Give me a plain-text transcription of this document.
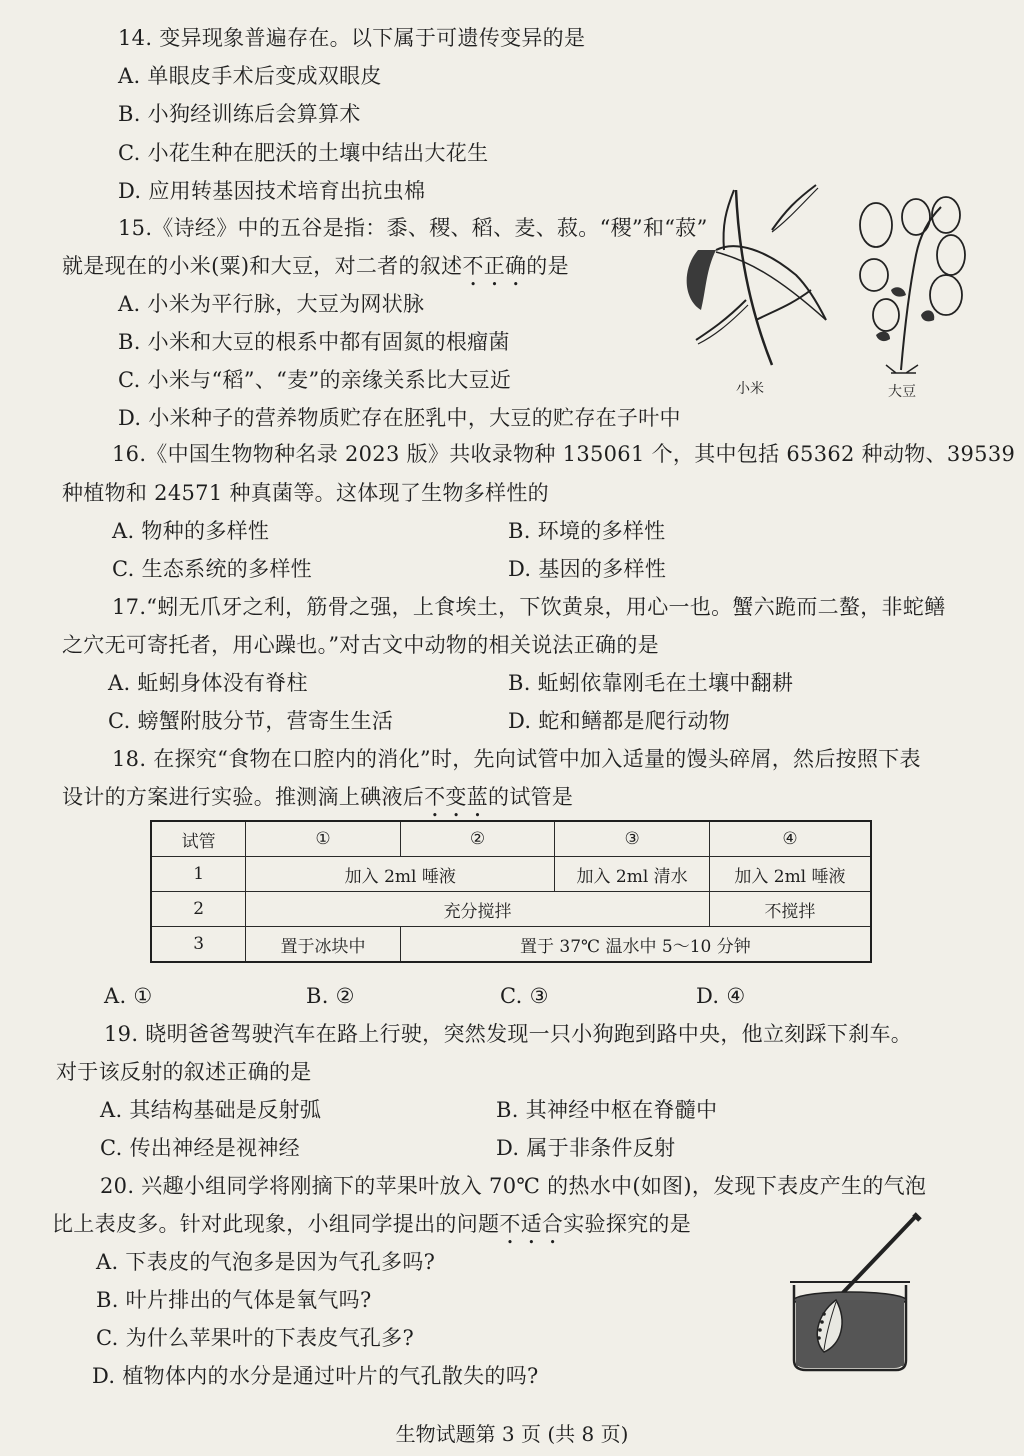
14. 变异现象普遍存在。以下属于可遗传变异的是
A. 单眼皮手术后变成双眼皮
B. 小狗经训练后会算算术
C. 小花生种在肥沃的土壤中结出大花生
D. 应用转基因技术培育出抗虫棉
15.《诗经》中的五谷是指：黍、稷、稻、麦、菽。“稷”和“菽”
就是现在的小米(粟)和大豆，对二者的叙述不正确的是
A. 小米为平行脉，大豆为网状脉
B. 小米和大豆的根系中都有固氮的根瘤菌
C. 小米与“稻”、“麦”的亲缘关系比大豆近
D. 小米种子的营养物质贮存在胚乳中，大豆的贮存在子叶中
小米	大豆
16.《中国生物物种名录 2023 版》共收录物种 135061 个，其中包括 65362 种动物、39539
种植物和 24571 种真菌等。这体现了生物多样性的
A. 物种的多样性	B. 环境的多样性
C. 生态系统的多样性	D. 基因的多样性
17.“蚓无爪牙之利，筋骨之强，上食埃土，下饮黄泉，用心一也。蟹六跪而二螯，非蛇鳝
之穴无可寄托者，用心躁也。”对古文中动物的相关说法正确的是
A. 蚯蚓身体没有脊柱	B. 蚯蚓依靠刚毛在土壤中翻耕
C. 螃蟹附肢分节，营寄生生活	D. 蛇和鳝都是爬行动物
18. 在探究“食物在口腔内的消化”时，先向试管中加入适量的馒头碎屑，然后按照下表
设计的方案进行实验。推测滴上碘液后不变蓝的试管是
试管	①	②	③	④
1	加入 2ml 唾液		加入 2ml 清水	加入 2ml 唾液
2	充分搅拌			不搅拌
3	置于冰块中	置于 37℃ 温水中 5～10 分钟		
A. ①	B. ②	C. ③	D. ④
19. 晓明爸爸驾驶汽车在路上行驶，突然发现一只小狗跑到路中央，他立刻踩下刹车。
对于该反射的叙述正确的是
A. 其结构基础是反射弧	B. 其神经中枢在脊髓中
C. 传出神经是视神经	D. 属于非条件反射
20. 兴趣小组同学将刚摘下的苹果叶放入 70℃ 的热水中(如图)，发现下表皮产生的气泡
比上表皮多。针对此现象，小组同学提出的问题不适合实验探究的是
A. 下表皮的气泡多是因为气孔多吗?
B. 叶片排出的气体是氧气吗?
C. 为什么苹果叶的下表皮气孔多?
D. 植物体内的水分是通过叶片的气孔散失的吗?
生物试题第 3 页 (共 8 页)
